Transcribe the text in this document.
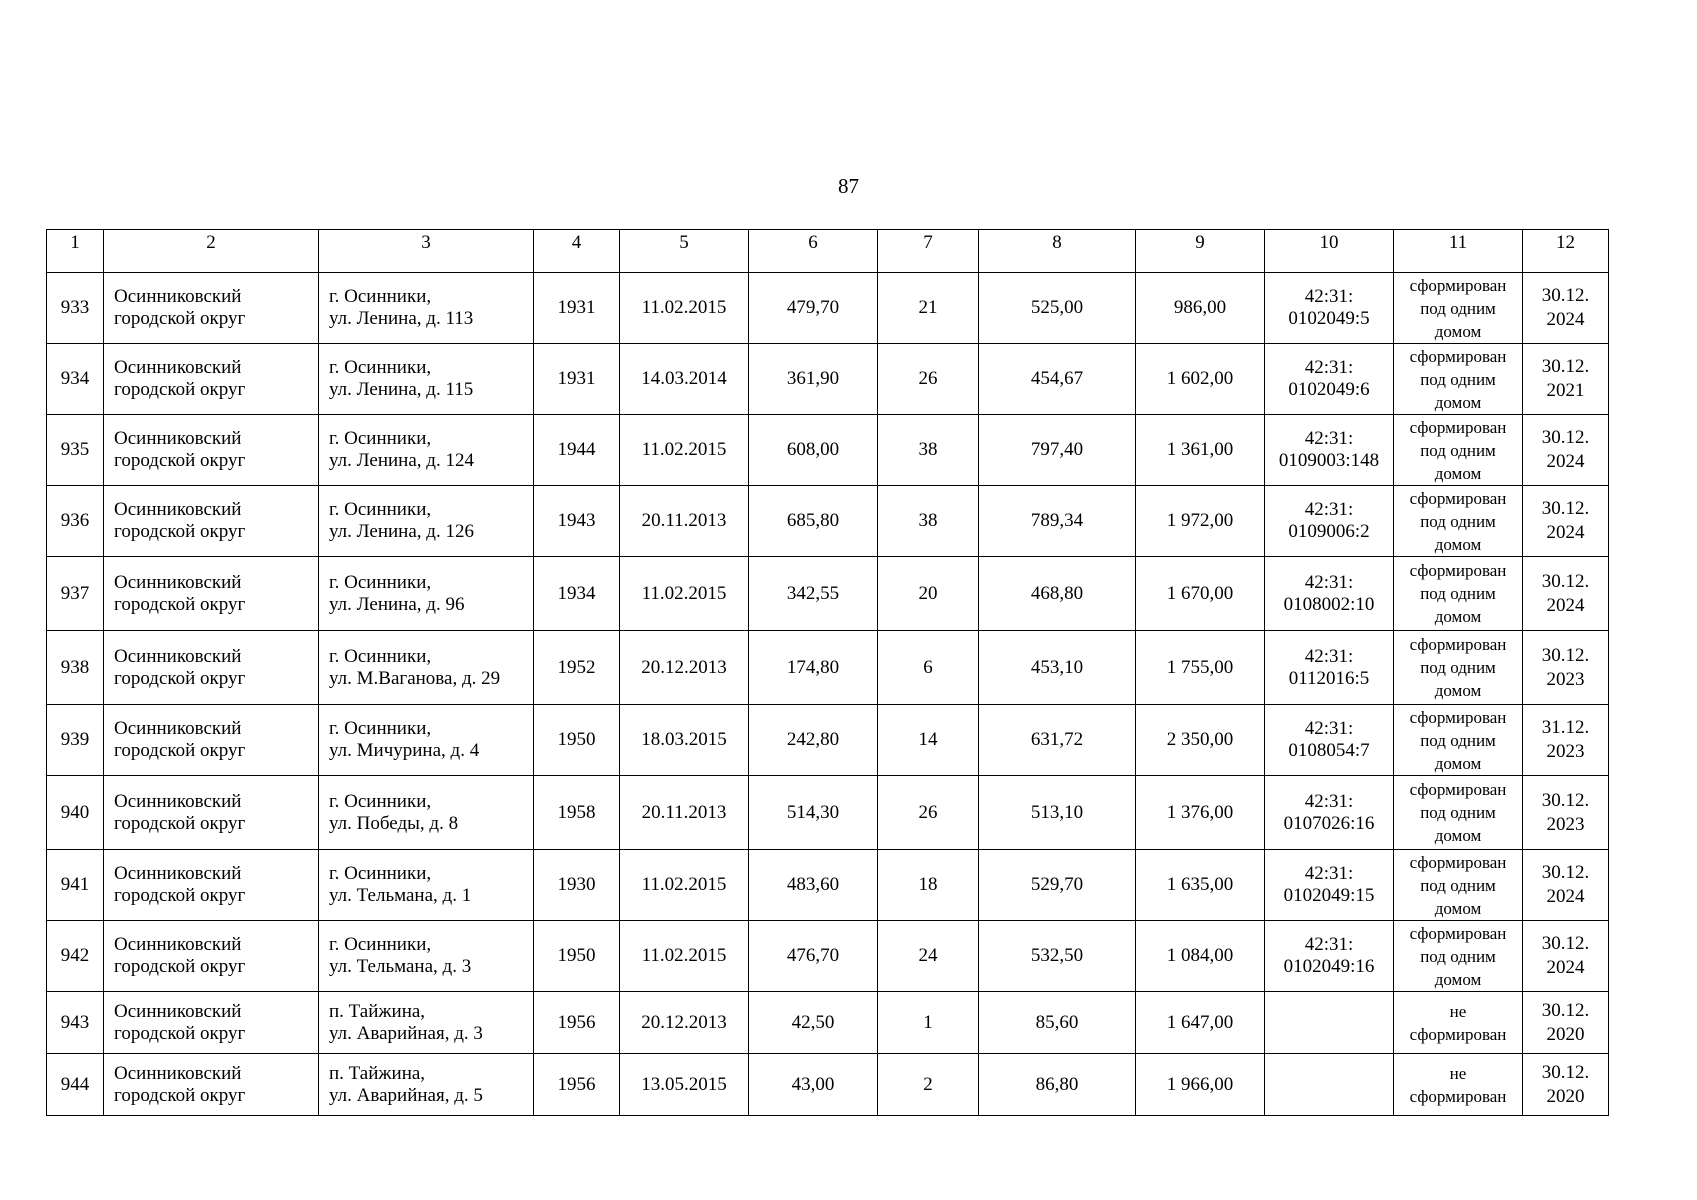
87
1	2	3	4	5	6	7	8	9	10	11	12
933	Осинниковский
городской округ	г. Осинники,
ул. Ленина, д. 113	1931	11.02.2015	479,70	21	525,00	986,00	42:31:
0102049:5	сформирован
под одним
домом	30.12.
2024

934	Осинниковский
городской округ	г. Осинники,
ул. Ленина, д. 115	1931	14.03.2014	361,90	26	454,67	1 602,00	42:31:
0102049:6	сформирован
под одним
домом	30.12.
2021

935	Осинниковский
городской округ	г. Осинники,
ул. Ленина, д. 124	1944	11.02.2015	608,00	38	797,40	1 361,00	42:31:
0109003:148	сформирован
под одним
домом	30.12.
2024

936	Осинниковский
городской округ	г. Осинники,
ул. Ленина, д. 126	1943	20.11.2013	685,80	38	789,34	1 972,00	42:31:
0109006:2	сформирован
под одним
домом	30.12.
2024

937	Осинниковский
городской округ	г. Осинники,
ул. Ленина, д. 96	1934	11.02.2015	342,55	20	468,80	1 670,00	42:31:
0108002:10	сформирован
под одним
домом	30.12.
2024

938	Осинниковский
городской округ	г. Осинники,
ул. М.Ваганова, д. 29	1952	20.12.2013	174,80	6	453,10	1 755,00	42:31:
0112016:5	сформирован
под одним
домом	30.12.
2023

939	Осинниковский
городской округ	г. Осинники,
ул. Мичурина, д. 4	1950	18.03.2015	242,80	14	631,72	2 350,00	42:31:
0108054:7	сформирован
под одним
домом	31.12.
2023

940	Осинниковский
городской округ	г. Осинники,
ул. Победы, д. 8	1958	20.11.2013	514,30	26	513,10	1 376,00	42:31:
0107026:16	сформирован
под одним
домом	30.12.
2023

941	Осинниковский
городской округ	г. Осинники,
ул. Тельмана, д. 1	1930	11.02.2015	483,60	18	529,70	1 635,00	42:31:
0102049:15	сформирован
под одним
домом	30.12.
2024

942	Осинниковский
городской округ	г. Осинники,
ул. Тельмана, д. 3	1950	11.02.2015	476,70	24	532,50	1 084,00	42:31:
0102049:16	сформирован
под одним
домом	30.12.
2024

943	Осинниковский
городской округ	п. Тайжина,
ул. Аварийная, д. 3	1956	20.12.2013	42,50	1	85,60	1 647,00		не
сформирован	30.12.
2020

944	Осинниковский
городской округ	п. Тайжина,
ул. Аварийная, д. 5	1956	13.05.2015	43,00	2	86,80	1 966,00		не
сформирован	30.12.
2020
